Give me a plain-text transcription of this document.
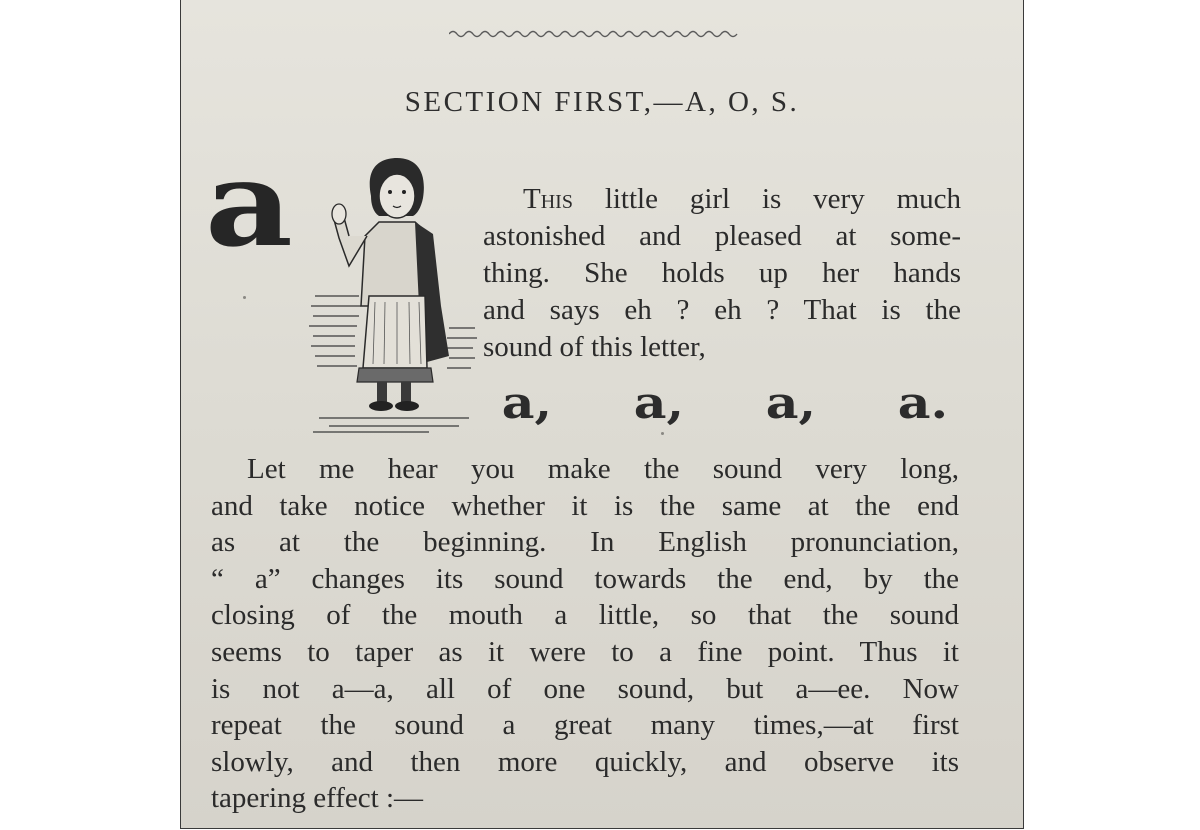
SECTION FIRST,—A, O, S.
a	This little girl is very much
astonished and pleased at some-
thing. She holds up her hands
and says eh ? eh ? That is the
sound of this letter,
a, a, a, a.
Let me hear you make the sound very long,
and take notice whether it is the same at the end
as at the beginning. In English pronunciation,
“ a” changes its sound towards the end, by the
closing of the mouth a little, so that the sound
seems to taper as it were to a fine point. Thus it
is not a—a, all of one sound, but a—ee. Now
repeat the sound a great many times,—at first
slowly, and then more quickly, and observe its
tapering effect :—
